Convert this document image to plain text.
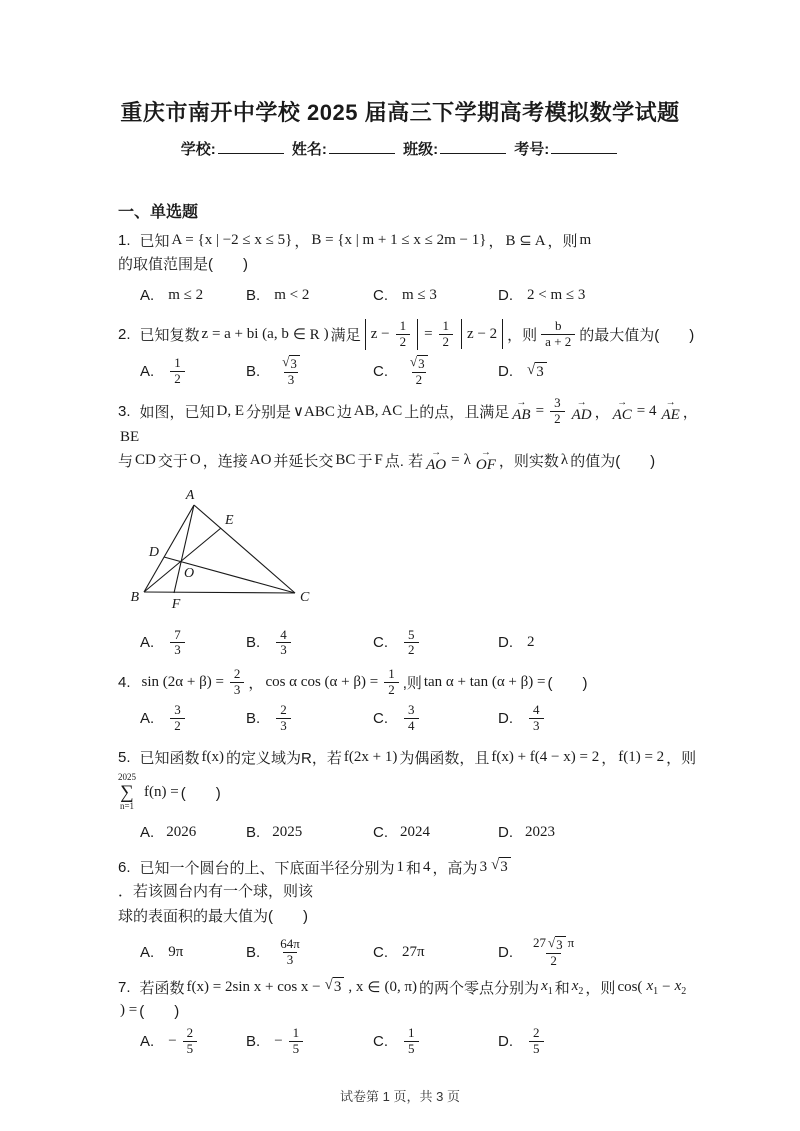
重庆市南开中学校 2025 届高三下学期高考模拟数学试题
学校:	姓名:	班级:	考号:
一、单选题
1. 已知 A = {x | −2 ≤ x ≤ 5} ， B = {x | m + 1 ≤ x ≤ 2m − 1} ， B ⊆ A ，则 m
的取值范围是(　　)
A. m ≤ 2	B. m < 2	C. m ≤ 3	D. 2 < m ≤ 3
2. 已知复数 z = a + bi (a, b ∈ R ) 满足 $z - \frac{1}{2} = \frac{1}{2}$ z − 2 ，则 $\frac{b}{a + 2}$ 的最大值为(　　)
A. $\frac{1}{2}$	B. $\frac{√ 3}{3}$	C. $\frac{√ 3}{2}$	D. √ 3
3. 如图，已知 D, E 分别是 ∨ABC 边 AB, AC 上的点，且满足
→
AB = $\frac{3}{2}$ →
AD ，
→
AC = 4
→
AE ，
BE
与 CD 交于 O ，连接 AO 并延长交 BC 于 F 点. 若
→
AO = λ
→
OF ，则实数 λ 的值为(　　)
A
E
D
O
B F	C
A. $\frac{7}{3}$	B. $\frac{4}{3}$	C. $\frac{5}{2}$	D. 2
4. $\sin (2\alpha + \beta) = \frac{2}{3}$ ， cos α $\cos (\alpha + \beta) = \frac{1}{2}$ ,则 tan α + tan (α + β) = (　　)
A. $\frac{3}{2}$	B. $\frac{2}{3}$	C. $\frac{3}{4}$	D. $\frac{4}{3}$
5. 已知函数 f(x) 的定义域为R，若 f(2x + 1) 为偶函数，且 f(x) + f(4 − x) = 2 ， f(1) = 2 ，则
2025
∑
n=1
f(n) = (　　)
A. 2026	B. 2025	C. 2024	D. 2023
6. 已知一个圆台的上、下底面半径分别为 1 和 4 ，高为 3 √ 3
．若该圆台内有一个球，则该
球的表面积的最大值为(　　)
A. 9π	B. $\frac{64\pi}{3}$	C. 27π	D. $\frac{27 √ 3 \pi}{2}$
7. 若函数 f(x) = 2sin x + cos x − √ 3 , x ∈ (0, π) 的两个零点分别为 $x_1$ 和 $x_2$ ，则 cos( $x_1 - x_2$
) = (　　)
A. − $\frac{2}{5}$	B. − $\frac{1}{5}$	C. $\frac{1}{5}$	D. $\frac{2}{5}$
试卷第 1 页，共 3 页
